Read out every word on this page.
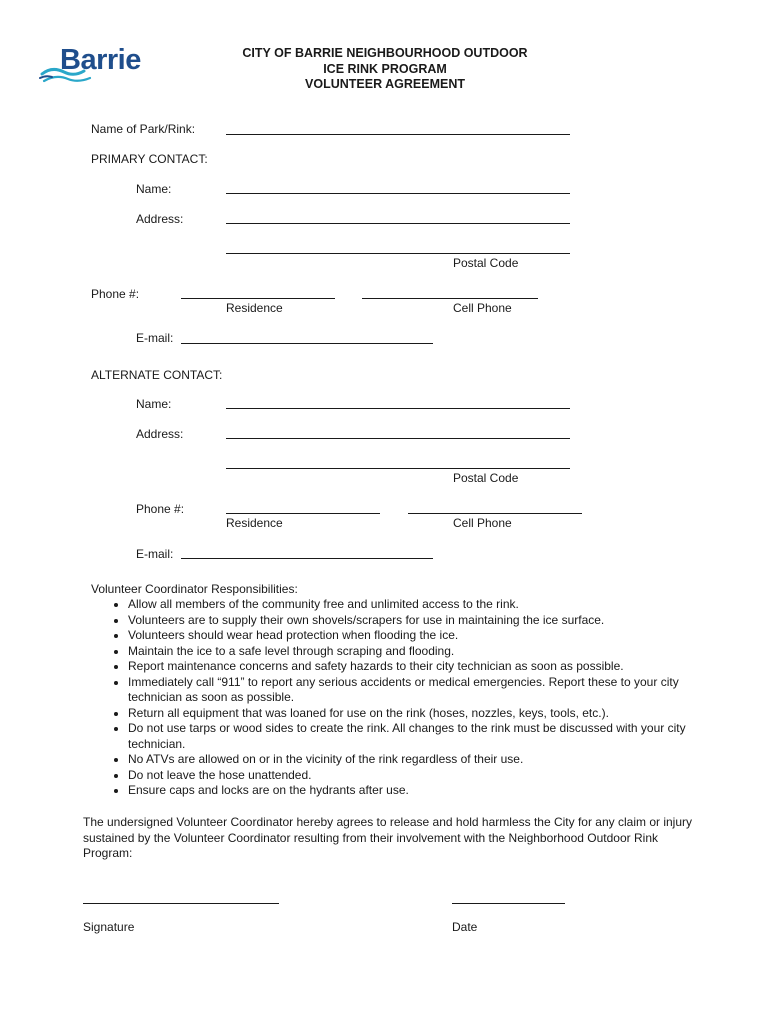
Barrie	CITY OF BARRIE NEIGHBOURHOOD OUTDOOR
ICE RINK PROGRAM
VOLUNTEER AGREEMENT
Name of Park/Rink:
PRIMARY CONTACT:
Name:
Address:
Postal Code
Phone #:
Residence	Cell Phone
E-mail:
ALTERNATE CONTACT:
Name:
Address:
Postal Code
Phone #:
Residence	Cell Phone
E-mail:
Volunteer Coordinator Responsibilities:
• Allow all members of the community free and unlimited access to the rink.
• Volunteers are to supply their own shovels/scrapers for use in maintaining the ice surface.
• Volunteers should wear head protection when flooding the ice.
• Maintain the ice to a safe level through scraping and flooding.
• Report maintenance concerns and safety hazards to their city technician as soon as possible.
• Immediately call “911” to report any serious accidents or medical emergencies. Report these to your city technician as soon as possible.
• Return all equipment that was loaned for use on the rink (hoses, nozzles, keys, tools, etc.).
• Do not use tarps or wood sides to create the rink. All changes to the rink must be discussed with your city technician.
• No ATVs are allowed on or in the vicinity of the rink regardless of their use.
• Do not leave the hose unattended.
• Ensure caps and locks are on the hydrants after use.
The undersigned Volunteer Coordinator hereby agrees to release and hold harmless the City for any claim or injury sustained by the Volunteer Coordinator resulting from their involvement with the Neighborhood Outdoor Rink Program:
Signature	Date
